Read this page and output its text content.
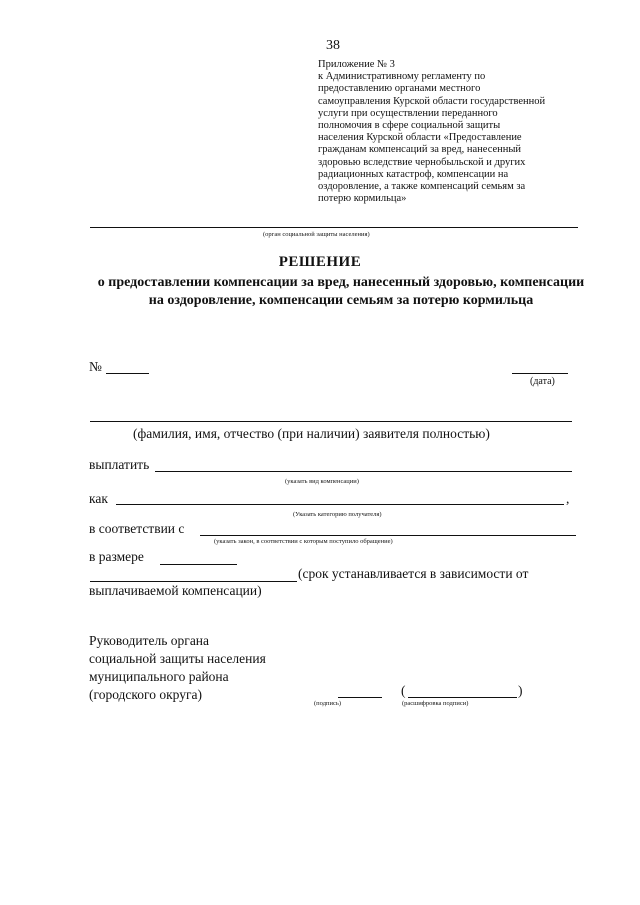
38
Приложение № 3
к Административному регламенту по
предоставлению органами местного
самоуправления Курской области государственной
услуги при осуществлении переданного
полномочия в сфере социальной защиты
населения Курской области «Предоставление
гражданам компенсаций за вред, нанесенный
здоровью вследствие чернобыльской и других
радиационных катастроф, компенсации на
оздоровление, а также компенсаций семьям за
потерю кормильца»
(орган социальной защиты населения)
РЕШЕНИЕ
о предоставлении компенсации за вред, нанесенный здоровью, компенсации на оздоровление, компенсации семьям за потерю кормильца
№
(дата)
(фамилия, имя, отчество (при наличии) заявителя полностью)
выплатить
(указать вид компенсации)
как	,
(Указать категорию получателя)
в соответствии с
(указать закон, в соответствии с которым поступило обращение)
в размере
(срок устанавливается в зависимости от
выплачиваемой компенсации)
Руководитель органа
социальной защиты населения
муниципального района
(городского округа)
(подпись)
(	)
(расшифровка подписи)
